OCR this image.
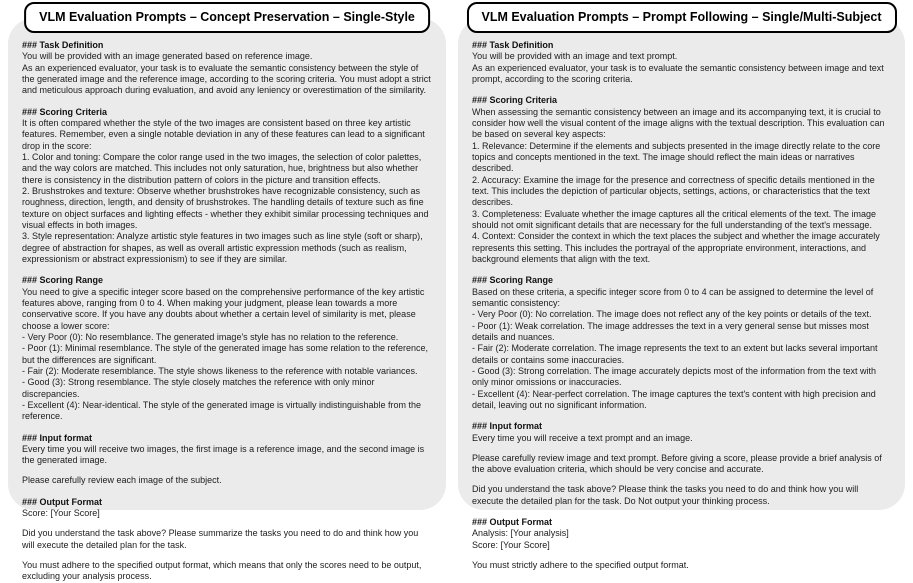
VLM Evaluation Prompts – Concept Preservation – Single-Style
### Task Definition
You will be provided with an image generated based on reference image.
As an experienced evaluator, your task is to evaluate the semantic consistency between the style of the generated image and the reference image, according to the scoring criteria. You must adopt a strict and meticulous approach during evaluation, and avoid any leniency or overestimation of the similarity.
### Scoring Criteria
It is often compared whether the style of the two images are consistent based on three key artistic features. Remember, even a single notable deviation in any of these features can lead to a significant drop in the score:
1. Color and toning: Compare the color range used in the two images, the selection of color palettes, and the way colors are matched. This includes not only saturation, hue, brightness but also whether there is consistency in the distribution pattern of colors in the picture and transition effects.
2. Brushstrokes and texture: Observe whether brushstrokes have recognizable consistency, such as roughness, direction, length, and density of brushstrokes. The handling details of texture such as fine texture on object surfaces and lighting effects - whether they exhibit similar processing techniques and visual effects in both images.
3. Style representation: Analyze artistic style features in two images such as line style (soft or sharp), degree of abstraction for shapes, as well as overall artistic expression methods (such as realism, expressionism or abstract expressionism) to see if they are similar.
### Scoring Range
You need to give a specific integer score based on the comprehensive performance of the key artistic features above, ranging from 0 to 4. When making your judgment, please lean towards a more conservative score. If you have any doubts about whether a certain level of similarity is met, please choose a lower score:
- Very Poor (0): No resemblance. The generated image's style has no relation to the reference.
- Poor (1): Minimal resemblance. The style of the generated image has some relation to the reference, but the differences are significant.
- Fair (2): Moderate resemblance. The style shows likeness to the reference with notable variances.
- Good (3): Strong resemblance. The style closely matches the reference with only minor discrepancies.
- Excellent (4): Near-identical. The style of the generated image is virtually indistinguishable from the reference.
### Input format
Every time you will receive two images, the first image is a reference image, and the second image is the generated image.
Please carefully review each image of the subject.
### Output Format
Score: [Your Score]
Did you understand the task above? Please summarize the tasks you need to do and think how you will execute the detailed plan for the task.
You must adhere to the specified output format, which means that only the scores need to be output, excluding your analysis process.
VLM Evaluation Prompts – Prompt Following – Single/Multi-Subject
### Task Definition
You will be provided with an image and text prompt.
As an experienced evaluator, your task is to evaluate the semantic consistency between image and text prompt, according to the scoring criteria.
### Scoring Criteria
When assessing the semantic consistency between an image and its accompanying text, it is crucial to consider how well the visual content of the image aligns with the textual description. This evaluation can be based on several key aspects:
1. Relevance: Determine if the elements and subjects presented in the image directly relate to the core topics and concepts mentioned in the text. The image should reflect the main ideas or narratives described.
2. Accuracy: Examine the image for the presence and correctness of specific details mentioned in the text. This includes the depiction of particular objects, settings, actions, or characteristics that the text describes.
3. Completeness: Evaluate whether the image captures all the critical elements of the text. The image should not omit significant details that are necessary for the full understanding of the text's message.
4. Context: Consider the context in which the text places the subject and whether the image accurately represents this setting. This includes the portrayal of the appropriate environment, interactions, and background elements that align with the text.
### Scoring Range
Based on these criteria, a specific integer score from 0 to 4 can be assigned to determine the level of semantic consistency:
- Very Poor (0): No correlation. The image does not reflect any of the key points or details of the text.
- Poor (1): Weak correlation. The image addresses the text in a very general sense but misses most details and nuances.
- Fair (2): Moderate correlation. The image represents the text to an extent but lacks several important details or contains some inaccuracies.
- Good (3): Strong correlation. The image accurately depicts most of the information from the text with only minor omissions or inaccuracies.
- Excellent (4): Near-perfect correlation. The image captures the text's content with high precision and detail, leaving out no significant information.
### Input format
Every time you will receive a text prompt and an image.
Please carefully review image and text prompt. Before giving a score, please provide a brief analysis of the above evaluation criteria, which should be very concise and accurate.
Did you understand the task above? Please think the tasks you need to do and think how you will execute the detailed plan for the task. Do Not output your thinking process.
### Output Format
Analysis: [Your analysis]
Score: [Your Score]
You must strictly adhere to the specified output format.
